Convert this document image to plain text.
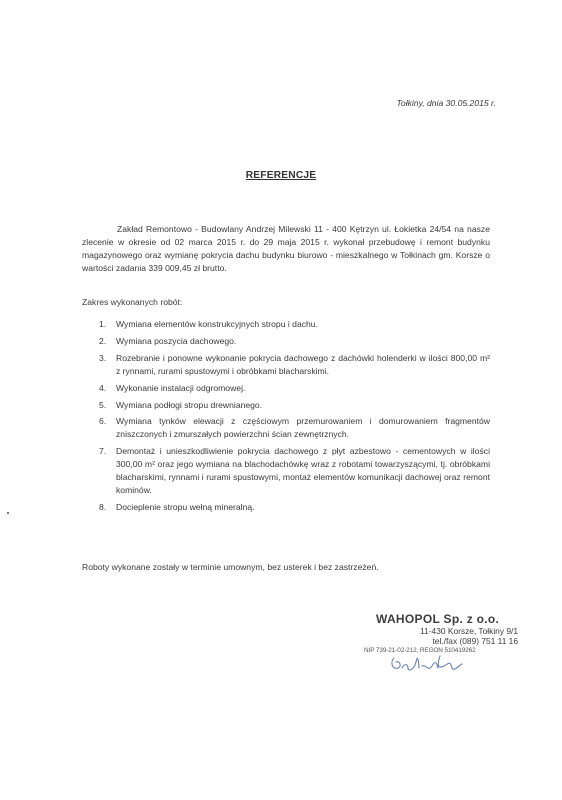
Tołkiny, dnia 30.05.2015 r.
REFERENCJE
Zakład Remontowo - Budowlany Andrzej Milewski 11 - 400 Kętrzyn ul. Łokietka 24/54 na nasze zlecenie w okresie od 02 marca 2015 r. do 29 maja 2015 r. wykonał przebudowę i remont budynku magazynowego oraz wymianę pokrycia dachu budynku biurowo - mieszkalnego w Tołkinach gm. Korsze o wartości zadania 339 009,45 zł brutto.
Zakres wykonanych robót:
1.	Wymiana elementów konstrukcyjnych stropu i dachu.
2.	Wymiana poszycia dachowego.
3.	Rozebranie i ponowne wykonanie pokrycia dachowego z dachówki holenderki w ilości 800,00 m² z rynnami, rurami spustowymi i obróbkami blacharskimi.
4.	Wykonanie instalacji odgromowej.
5.	Wymiana podłogi stropu drewnianego.
6.	Wymiana tynków elewacji z częściowym przemurowaniem i domurowaniem fragmentów zniszczonych i zmurszałych powierzchni ścian zewnętrznych.
7.	Demontaż i unieszkodliwienie pokrycia dachowego z płyt azbestowo - cementowych w ilości 300,00 m² oraz jego wymiana na blachodachówkę wraz z robotami towarzyszącymi, tj. obróbkami blacharskimi, rynnami i rurami spustowymi, montaż elementów komunikacji dachowej oraz remont kominów.
8.	Docieplenie stropu wełną mineralną.
Roboty wykonane zostały w terminie umownym, bez usterek i bez zastrzeżeń.
WAHOPOL Sp. z o.o.
11-430 Korsze, Tołkiny 9/1
tel./fax (089) 751 11 16
NIP 739-21-02-212, REGON 510419262
